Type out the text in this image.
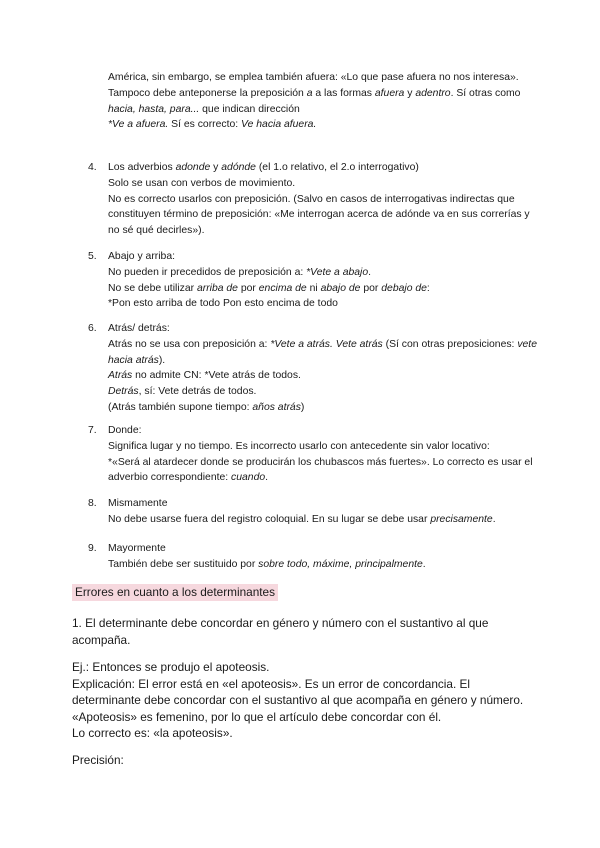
América, sin embargo, se emplea también afuera: «Lo que pase afuera no nos interesa».
Tampoco debe anteponerse la preposición a a las formas afuera y adentro. Sí otras como hacia, hasta, para... que indican dirección
*Ve a afuera. Sí es correcto: Ve hacia afuera.
4.	Los adverbios adonde y adónde (el 1.o relativo, el 2.o interrogativo)
Solo se usan con verbos de movimiento.
No es correcto usarlos con preposición. (Salvo en casos de interrogativas indirectas que constituyen término de preposición: «Me interrogan acerca de adónde va en sus correrías y no sé qué decirles»).
5.	Abajo y arriba:
No pueden ir precedidos de preposición a: *Vete a abajo.
No se debe utilizar arriba de por encima de ni abajo de por debajo de:
*Pon esto arriba de todo Pon esto encima de todo
6.	Atrás/ detrás:
Atrás no se usa con preposición a: *Vete a atrás. Vete atrás (Sí con otras preposiciones: vete hacia atrás).
Atrás no admite CN: *Vete atrás de todos.
Detrás, sí: Vete detrás de todos.
(Atrás también supone tiempo: años atrás)
7.	Donde:
Significa lugar y no tiempo. Es incorrecto usarlo con antecedente sin valor locativo:
*«Será al atardecer donde se producirán los chubascos más fuertes». Lo correcto es usar el adverbio correspondiente: cuando.
8.	Mismamente
No debe usarse fuera del registro coloquial. En su lugar se debe usar precisamente.
9.	Mayormente
También debe ser sustituido por sobre todo, máxime, principalmente.
Errores en cuanto a los determinantes
1. El determinante debe concordar en género y número con el sustantivo al que acompaña.
Ej.: Entonces se produjo el apoteosis.
Explicación: El error está en «el apoteosis». Es un error de concordancia. El determinante debe concordar con el sustantivo al que acompaña en género y número. «Apoteosis» es femenino, por lo que el artículo debe concordar con él.
Lo correcto es: «la apoteosis».
Precisión:
